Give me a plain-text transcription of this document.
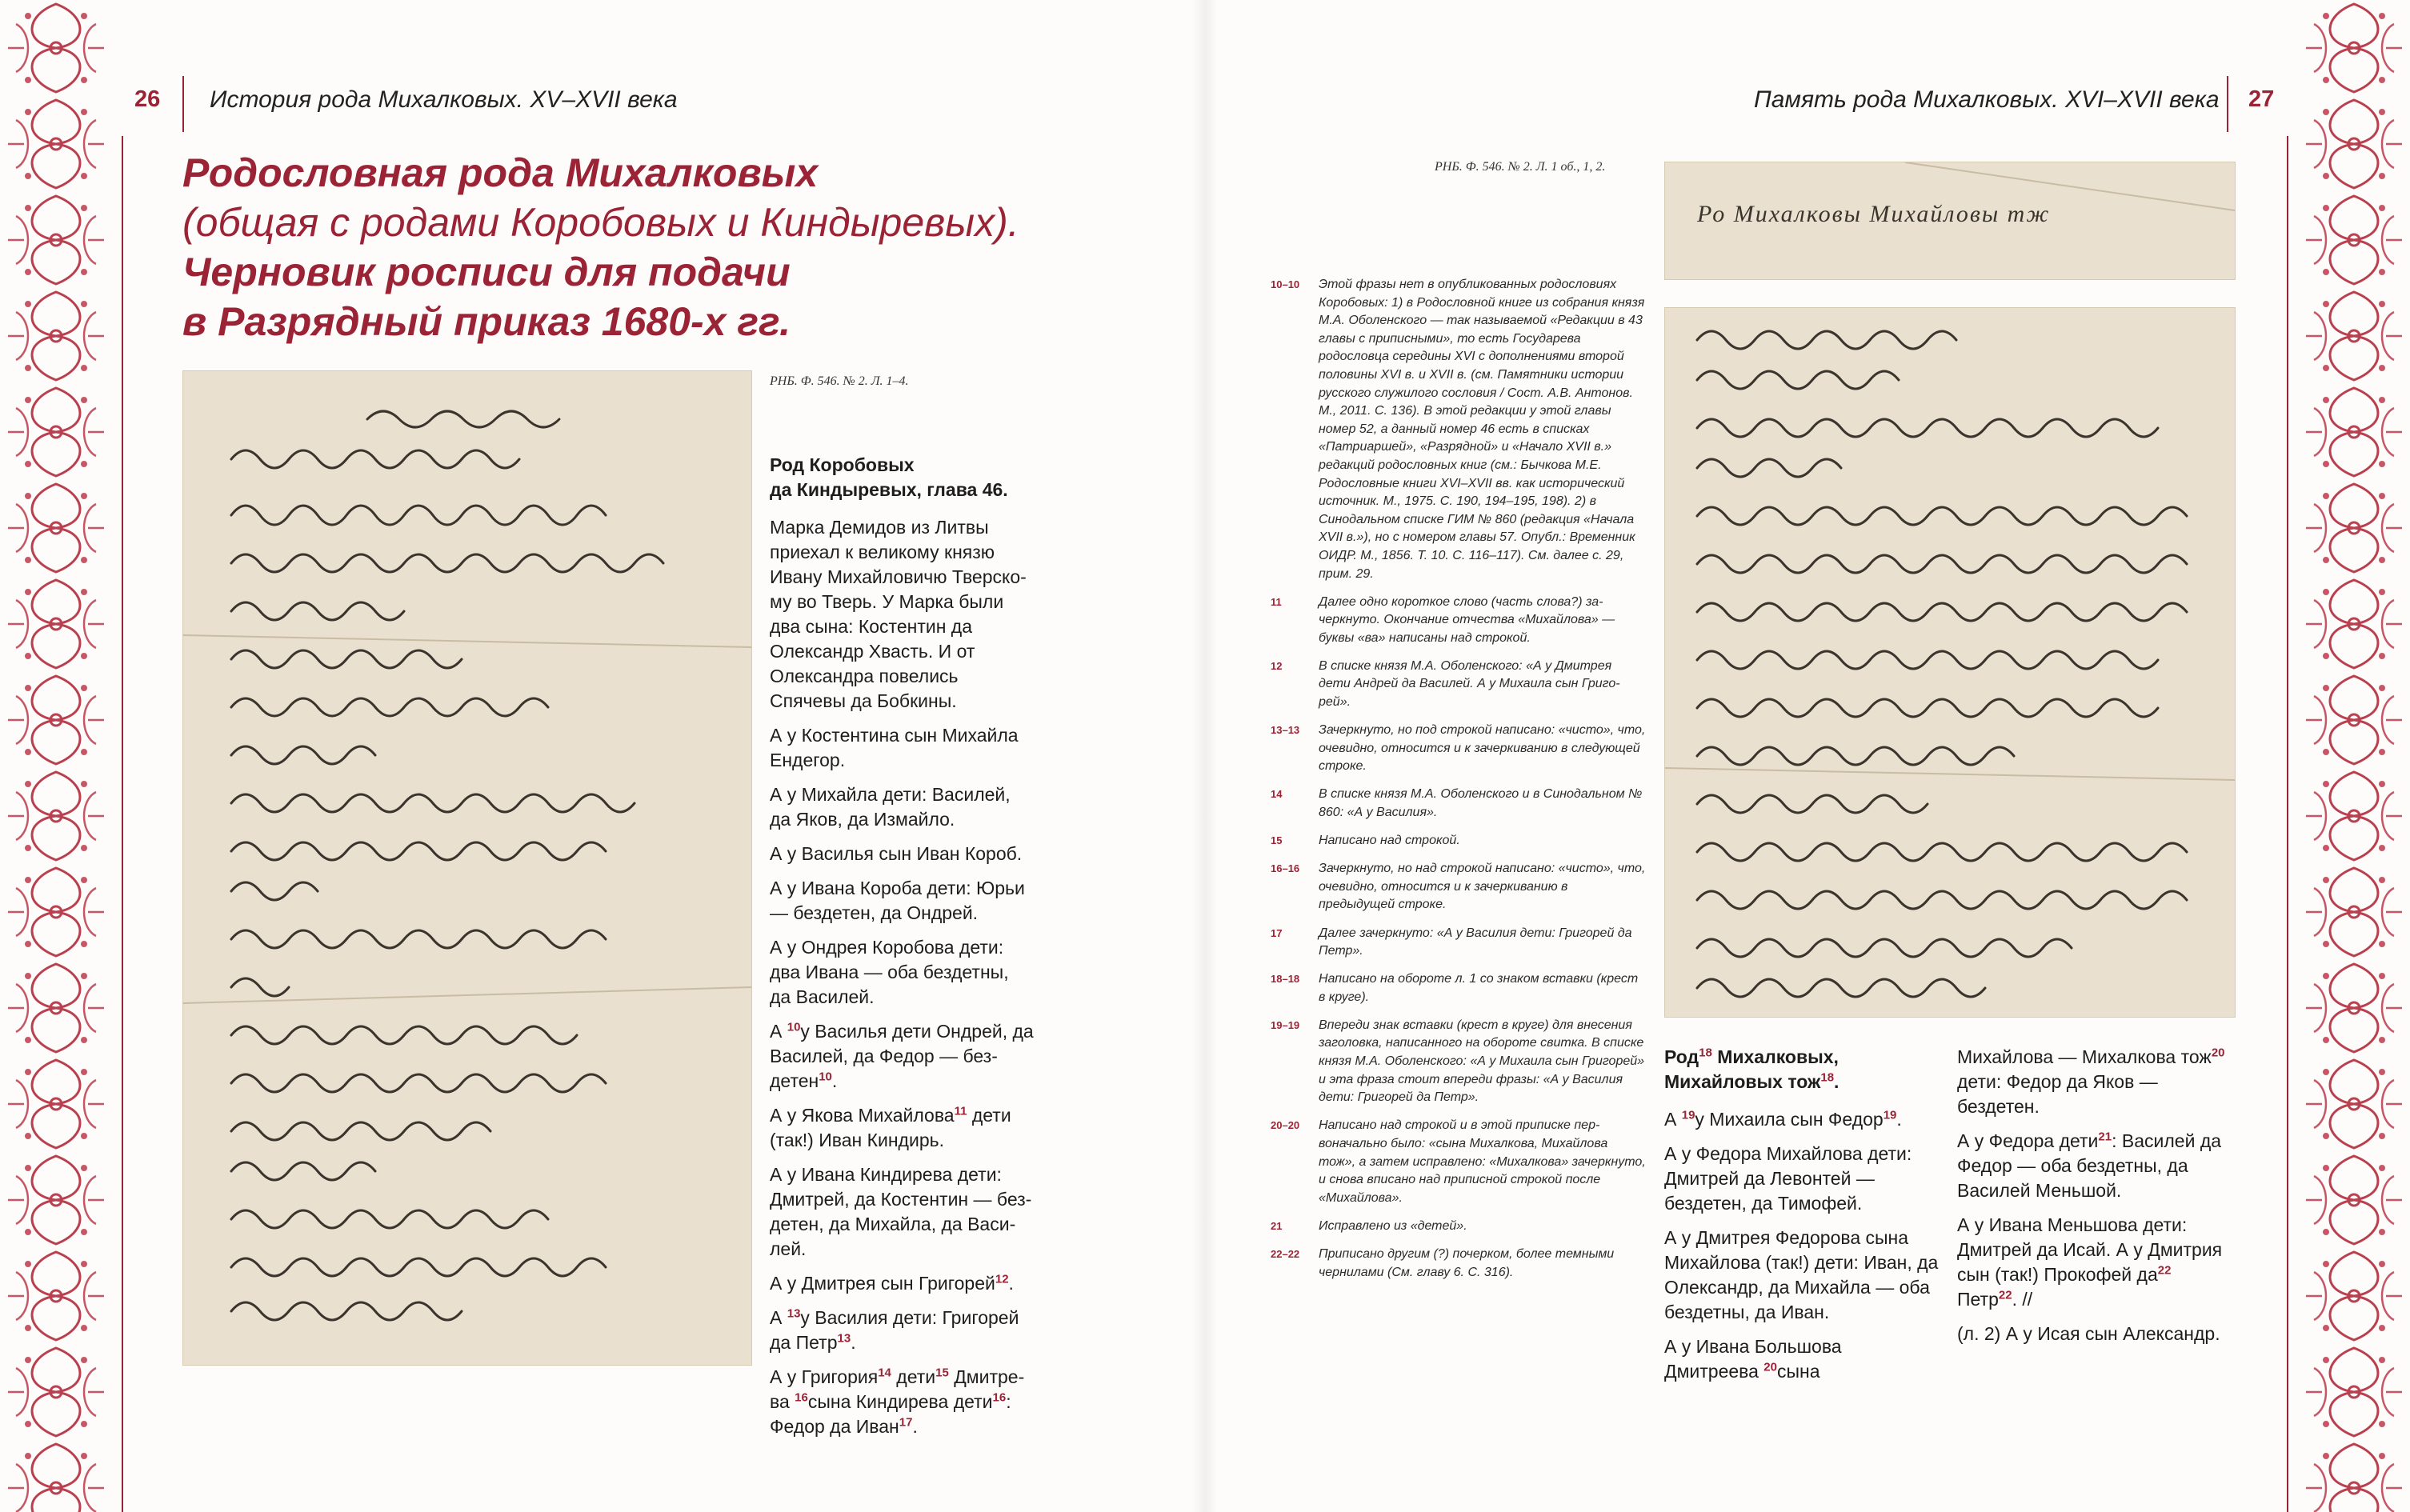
26 История рода Михалковых. XV–XVII века	Память рода Михалковых. XVI–XVII века 27
Родословная рода Михалковых
(общая с родами Коробовых и Киндыревых).
Черновик росписи для подачи
в Разрядный приказ 1680-х гг.
РНБ. Ф. 546. № 2. Л. 1–4.
Род Коробовых
да Киндыревых, глава 46.

Марка Демидов из Литвы приехал к великому князю Ивану Михайловичю Тверскому во Тверь. У Марка были два сына: Костентин да Олександр Хвасть. И от Олександра повелись Спячевы да Бобкины.

А у Костентина сын Михайла Ендегор.

А у Михайла дети: Василей, да Яков, да Измайло.

А у Василья сын Иван Короб.

А у Ивана Короба дети: Юрьи — бездетен, да Ондрей.

А у Ондрея Коробова дети: два Ивана — оба бездетны, да Василей.

А $^{10}$у Василья дети Ондрей, да Василей, да Федор — бездетен$^{10}$.

А у Якова Михайлова$^{11}$ дети (так!) Иван Киндирь.

А у Ивана Киндирева дети: Дмитрей, да Костентин — бездетен, да Михайла, да Василей.

А у Дмитрея сын Григорей$^{12}$.

А $^{13}$у Василия дети: Григорей да Петр$^{13}$.

А у Григория$^{14}$ дети$^{15}$ Дмитрева $^{16}$сына Киндирева дети$^{16}$: Федор да Иван$^{17}$.

РНБ. Ф. 546. № 2. Л. 1 об., 1, 2.
Ро Михалковы Михайловы тж
10–10 Этой фразы нет в опубликованных родословиях Коробовых: 1) в Родословной книге из собрания князя М.А. Оболенского — так называемой «Редакции в 43 главы с приписными», то есть Государева родословца середины XVI с дополнениями второй половины XVI в. и XVII в. (см. Памятники истории русского служилого сословия / Сост. А.В. Антонов. М., 2011. С. 136). В этой редакции у этой главы номер 52, а данный номер 46 есть в списках «Патриаршей», «Разрядной» и «Начало XVII в.» редакций родословных книг (см.: Бычкова М.Е. Родословные книги XVI–XVII вв. как исторический источник. М., 1975. С. 190, 194–195, 198). 2) в Синодальном списке ГИМ № 860 (редакция «Начала XVII в.»), но с номером главы 57. Опубл.: Временник ОИДР. М., 1856. Т. 10. С. 116–117). См. далее с. 29, прим. 29.
11	Далее одно короткое слово (часть слова?) зачеркнуто. Окончание отчества «Михайлова» — буквы «ва» написаны над строкой.
12	В списке князя М.А. Оболенского: «А у Дмитрея дети Андрей да Василей. А у Михаила сын Григорей».
13–13 Зачеркнуто, но под строкой написано: «чисто», что, очевидно, относится и к зачеркиванию в следующей строке.
14	В списке князя М.А. Оболенского и в Синодальном № 860: «А у Василия».
15	Написано над строкой.
16–16 Зачеркнуто, но над строкой написано: «чисто», что, очевидно, относится и к зачеркиванию в предыдущей строке.
17	Далее зачеркнуто: «А у Василия дети: Григорей да Петр».
18–18 Написано на обороте л. 1 со знаком вставки (крест в круге).
19–19 Впереди знак вставки (крест в круге) для внесения заголовка, написанного на обороте свитка. В списке князя М.А. Оболенского: «А у Михаила сын Григорей» и эта фраза стоит впереди фразы: «А у Василия дети: Григорей да Петр».
20–20 Написано над строкой и в этой приписке первоначально было: «сына Михалкова, Михайлова тож», а затем исправлено: «Михалкова» зачеркнуто, и снова вписано над приписной строкой после «Михайлова».
21	Исправлено из «детей».
22–22 Приписано другим (?) почерком, более темными чернилами (См. главу 6. С. 316).
Род$^{18}$ Михалковых,
Михайловых тож$^{18}$.

А $^{19}$у Михаила сын Федор$^{19}$.

А у Федора Михайлова дети: Дмитрей да Левонтей — бездетен, да Тимофей.

А у Дмитрея Федорова сына Михайлова (так!) дети: Иван, да Олександр, да Михайла — оба бездетны, да Иван.

А у Ивана Большова Дмитреева $^{20}$сына

Михайлова — Михалкова тож$^{20}$ дети: Федор да Яков — бездетен.

А у Федора дети$^{21}$: Василей да Федор — оба бездетны, да Василей Меньшой.

А у Ивана Меньшова дети: Дмитрей да Исай. А у Дмитрия сын (так!) Прокофей $да^{22}$ Петр$^{22}$. //

(л. 2) А у Исая сын Александр.
